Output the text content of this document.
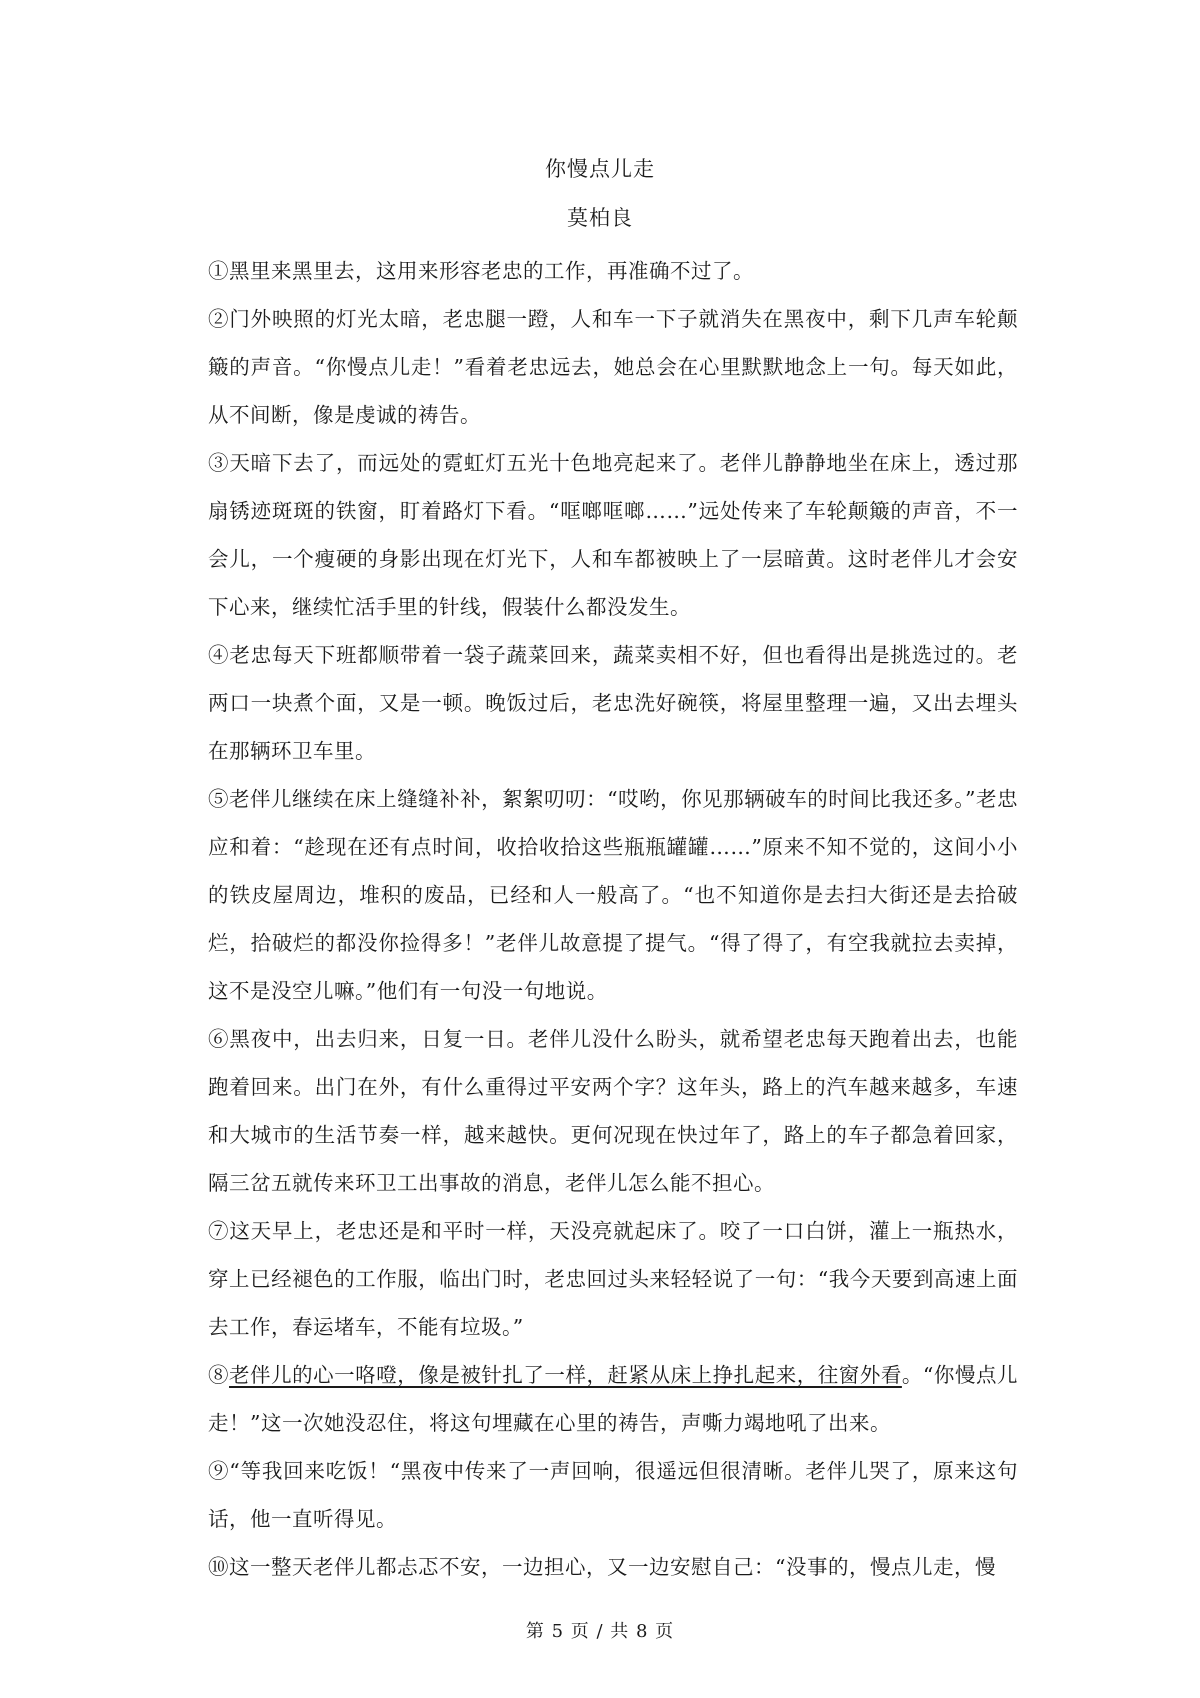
你慢点儿走
莫柏良

①黑里来黑里去，这用来形容老忠的工作，再准确不过了。

②门外映照的灯光太暗，老忠腿一蹬，人和车一下子就消失在黑夜中，剩下几声车轮颠簸的声音。“你慢点儿走！”看着老忠远去，她总会在心里默默地念上一句。每天如此，从不间断，像是虔诚的祷告。

③天暗下去了，而远处的霓虹灯五光十色地亮起来了。老伴儿静静地坐在床上，透过那扇锈迹斑斑的铁窗，盯着路灯下看。“哐啷哐啷……”远处传来了车轮颠簸的声音，不一会儿，一个瘦硬的身影出现在灯光下，人和车都被映上了一层暗黄。这时老伴儿才会安下心来，继续忙活手里的针线，假装什么都没发生。

④老忠每天下班都顺带着一袋子蔬菜回来，蔬菜卖相不好，但也看得出是挑选过的。老两口一块煮个面，又是一顿。晚饭过后，老忠洗好碗筷，将屋里整理一遍，又出去埋头在那辆环卫车里。

⑤老伴儿继续在床上缝缝补补，絮絮叨叨：“哎哟，你见那辆破车的时间比我还多。”老忠应和着：“趁现在还有点时间，收拾收拾这些瓶瓶罐罐……”原来不知不觉的，这间小小的铁皮屋周边，堆积的废品，已经和人一般高了。“也不知道你是去扫大街还是去拾破烂，拾破烂的都没你捡得多！”老伴儿故意提了提气。“得了得了，有空我就拉去卖掉，这不是没空儿嘛。”他们有一句没一句地说。

⑥黑夜中，出去归来，日复一日。老伴儿没什么盼头，就希望老忠每天跑着出去，也能跑着回来。出门在外，有什么重得过平安两个字？这年头，路上的汽车越来越多，车速和大城市的生活节奏一样，越来越快。更何况现在快过年了，路上的车子都急着回家，隔三岔五就传来环卫工出事故的消息，老伴儿怎么能不担心。

⑦这天早上，老忠还是和平时一样，天没亮就起床了。咬了一口白饼，灌上一瓶热水，穿上已经褪色的工作服，临出门时，老忠回过头来轻轻说了一句：“我今天要到高速上面去工作，春运堵车，不能有垃圾。”

⑧老伴儿的心一咯噔，像是被针扎了一样，赶紧从床上挣扎起来，往窗外看。“你慢点儿走！”这一次她没忍住，将这句埋藏在心里的祷告，声嘶力竭地吼了出来。

⑨“等我回来吃饭！“黑夜中传来了一声回响，很遥远但很清晰。老伴儿哭了，原来这句话，他一直听得见。

⑩这一整天老伴儿都忐忑不安，一边担心，又一边安慰自己：“没事的，慢点儿走，慢

第 5 页 / 共 8 页
